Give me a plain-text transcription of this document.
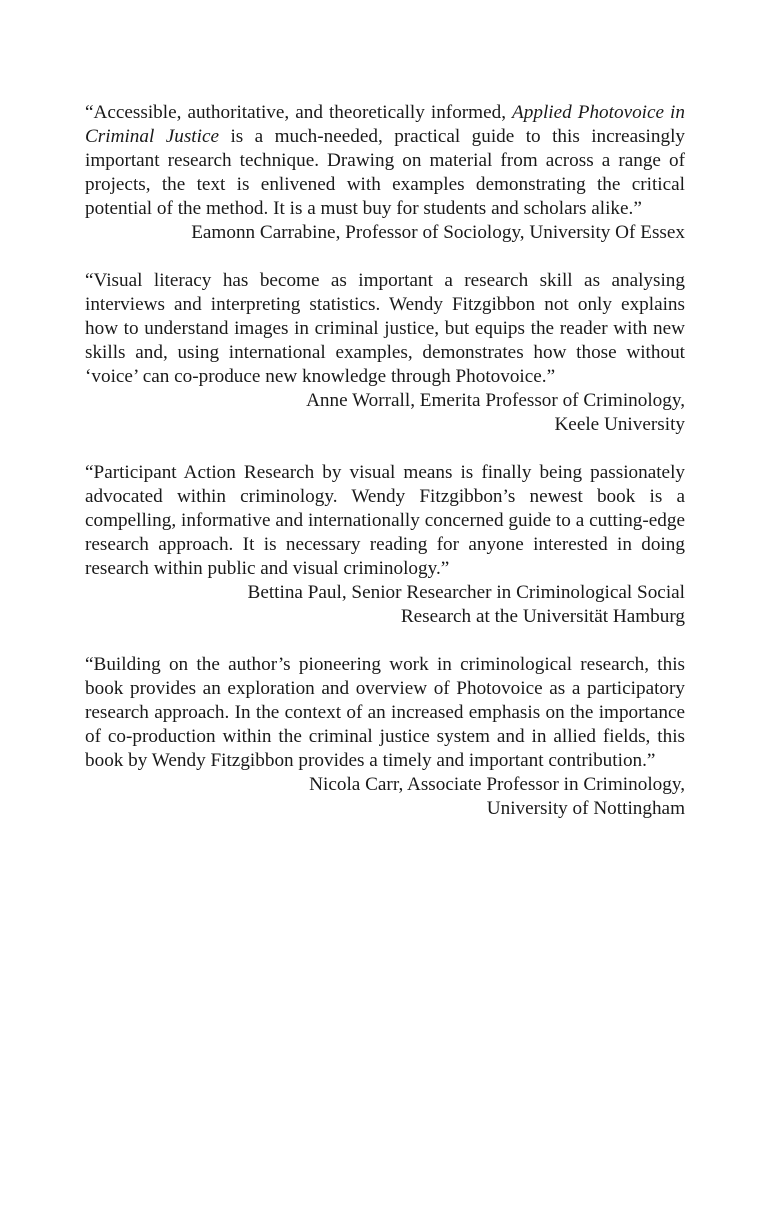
“Accessible, authoritative, and theoretically informed, Applied Photovoice in Criminal Justice is a much-needed, practical guide to this increasingly important research technique. Drawing on material from across a range of projects, the text is enlivened with examples demonstrating the critical potential of the method. It is a must buy for students and scholars alike.”

Eamonn Carrabine, Professor of Sociology, University Of Essex

“Visual literacy has become as important a research skill as analysing interviews and interpreting statistics. Wendy Fitzgibbon not only explains how to understand images in criminal justice, but equips the reader with new skills and, using international examples, demonstrates how those without ‘voice’ can co-produce new knowledge through Photovoice.”

Anne Worrall, Emerita Professor of Criminology,
Keele University

“Participant Action Research by visual means is finally being passionately advocated within criminology. Wendy Fitzgibbon’s newest book is a compelling, informative and internationally concerned guide to a cutting-edge research approach. It is necessary reading for anyone interested in doing research within public and visual criminology.”

Bettina Paul, Senior Researcher in Criminological Social
Research at the Universität Hamburg

“Building on the author’s pioneering work in criminological research, this book provides an exploration and overview of Photovoice as a participatory research approach. In the context of an increased emphasis on the importance of co-production within the criminal justice system and in allied fields, this book by Wendy Fitzgibbon provides a timely and important contribution.”

Nicola Carr, Associate Professor in Criminology,
University of Nottingham
